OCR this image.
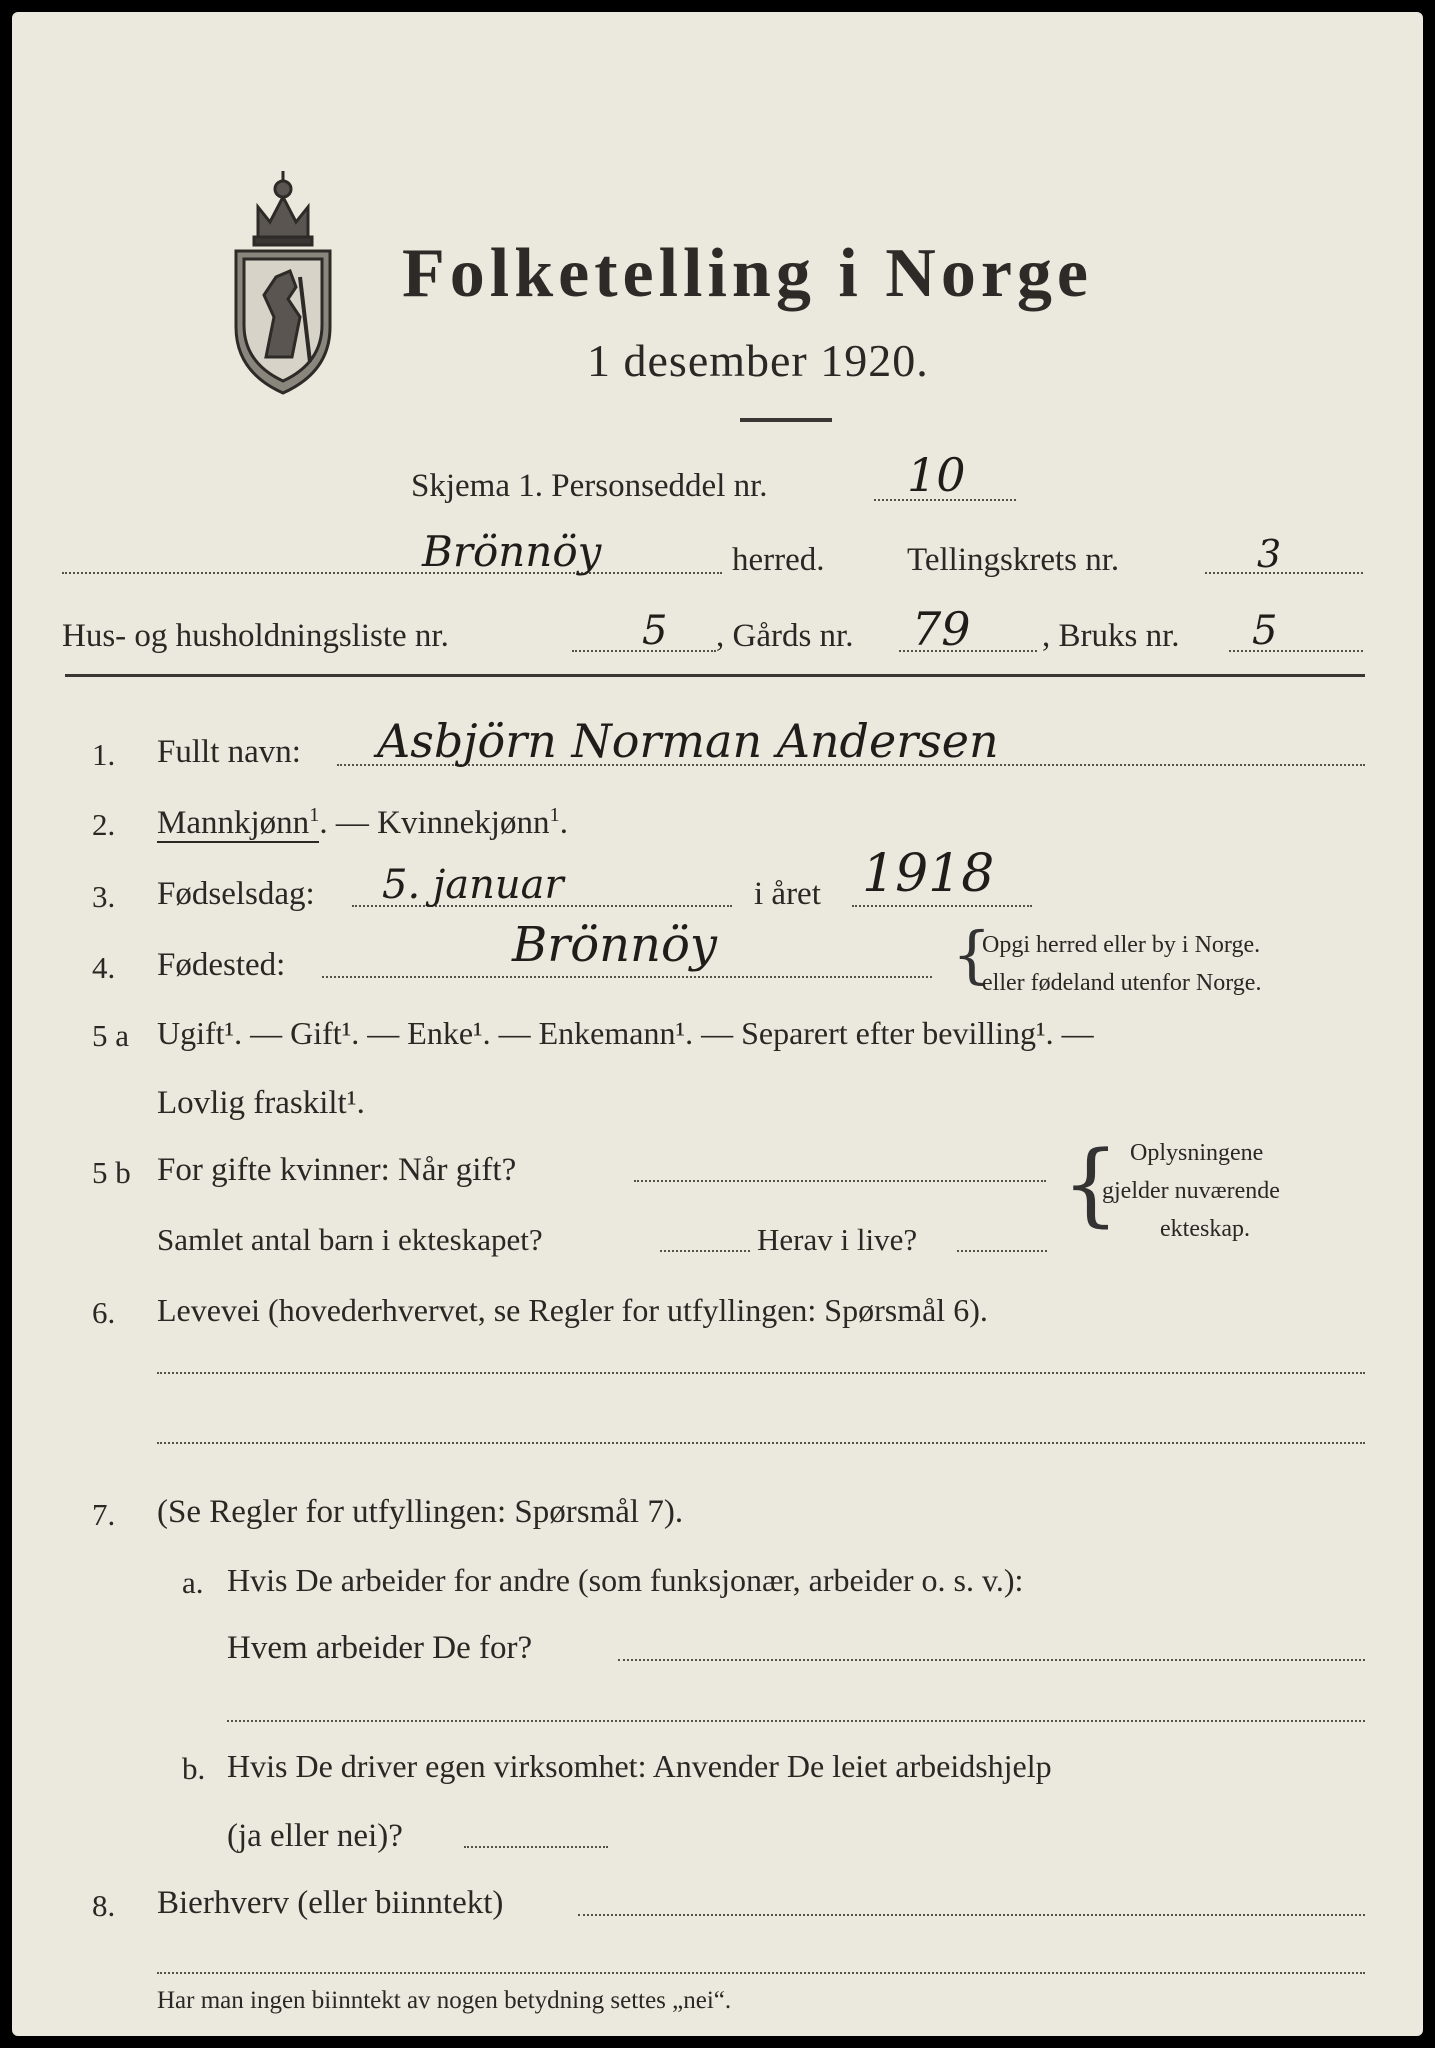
Folketelling i Norge
1 desember 1920.
Skjema 1. Personseddel nr.	10
Brönnöy	herred. Tellingskrets nr.	3
Hus- og husholdningsliste nr.	5 , Gårds nr. 79 , Bruks nr. 5
1. Fullt navn: Asbjörn Norman Andersen
2. Mannkjønn$^1$. — Kvinnekjønn$^1$.
3. Fødselsdag: 5. januar	i året 1918
4. Fødested:	Brönnöy	{
Opgi herred eller by i Norge.
eller fødeland utenfor Norge.
5 a Ugift¹. — Gift¹. — Enke¹. — Enkemann¹. — Separert efter bevilling¹. —
Lovlig fraskilt¹.
5 b For gifte kvinner: Når gift?
Samlet antal barn i ekteskapet?	Herav i live?
{ Oplysningene
gjelder nuværende
ekteskap.
6. Levevei (hovederhvervet, se Regler for utfyllingen: Spørsmål 6).
7. (Se Regler for utfyllingen: Spørsmål 7).
a. Hvis De arbeider for andre (som funksjonær, arbeider o. s. v.):
Hvem arbeider De for?
b. Hvis De driver egen virksomhet: Anvender De leiet arbeidshjelp
(ja eller nei)?
8. Bierhverv (eller biinntekt)
Har man ingen biinntekt av nogen betydning settes „nei“.
